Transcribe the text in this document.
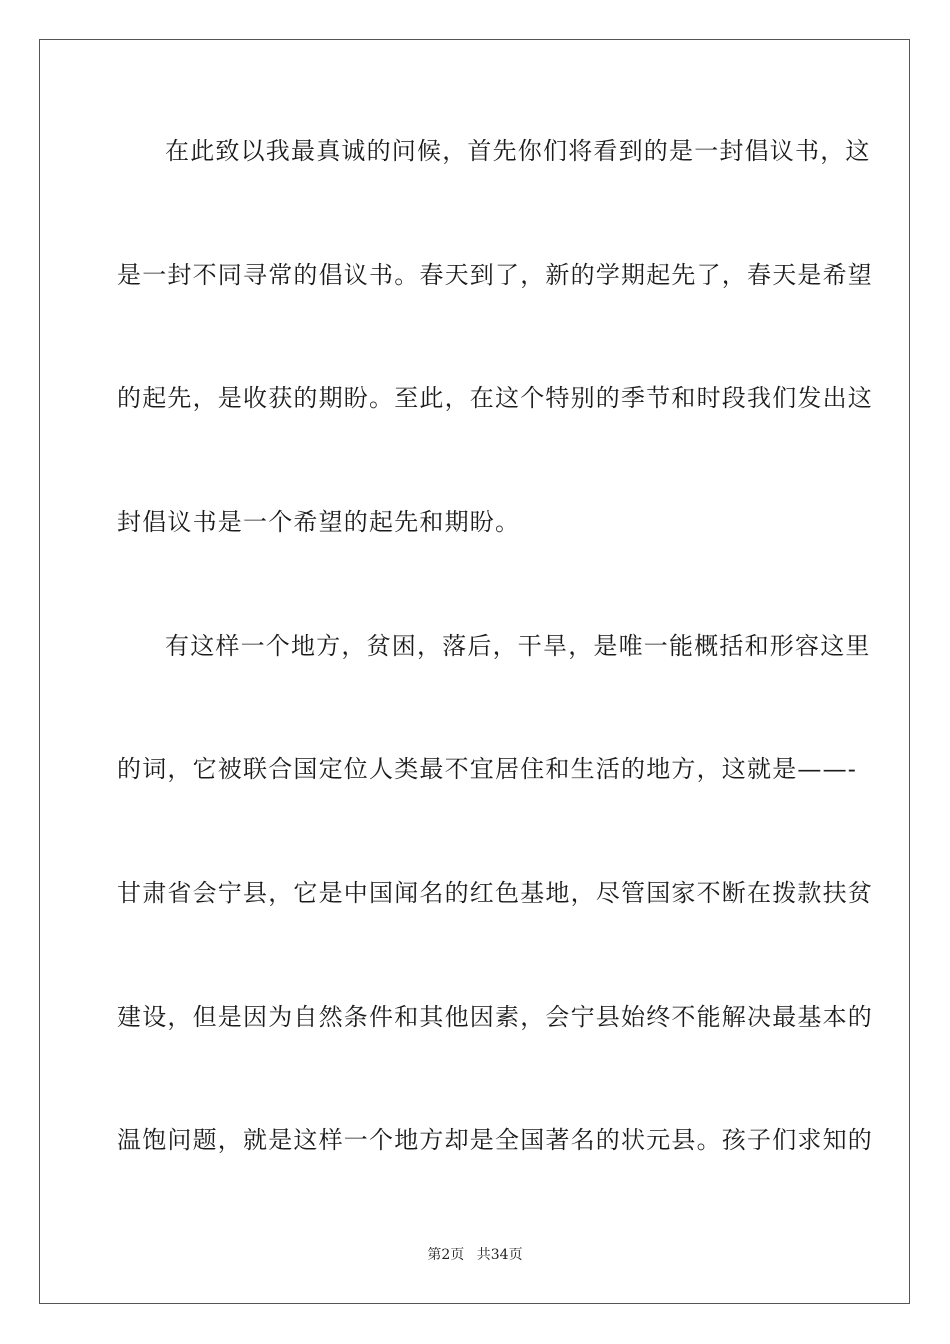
在此致以我最真诚的问候，首先你们将看到的是一封倡议书，这
是一封不同寻常的倡议书。春天到了，新的学期起先了，春天是希望
的起先，是收获的期盼。至此，在这个特别的季节和时段我们发出这
封倡议书是一个希望的起先和期盼。
有这样一个地方，贫困，落后，干旱，是唯一能概括和形容这里
的词，它被联合国定位人类最不宜居住和生活的地方，这就是——-
甘肃省会宁县，它是中国闻名的红色基地，尽管国家不断在拨款扶贫
建设，但是因为自然条件和其他因素，会宁县始终不能解决最基本的
温饱问题，就是这样一个地方却是全国著名的状元县。孩子们求知的
第2页 共34页
